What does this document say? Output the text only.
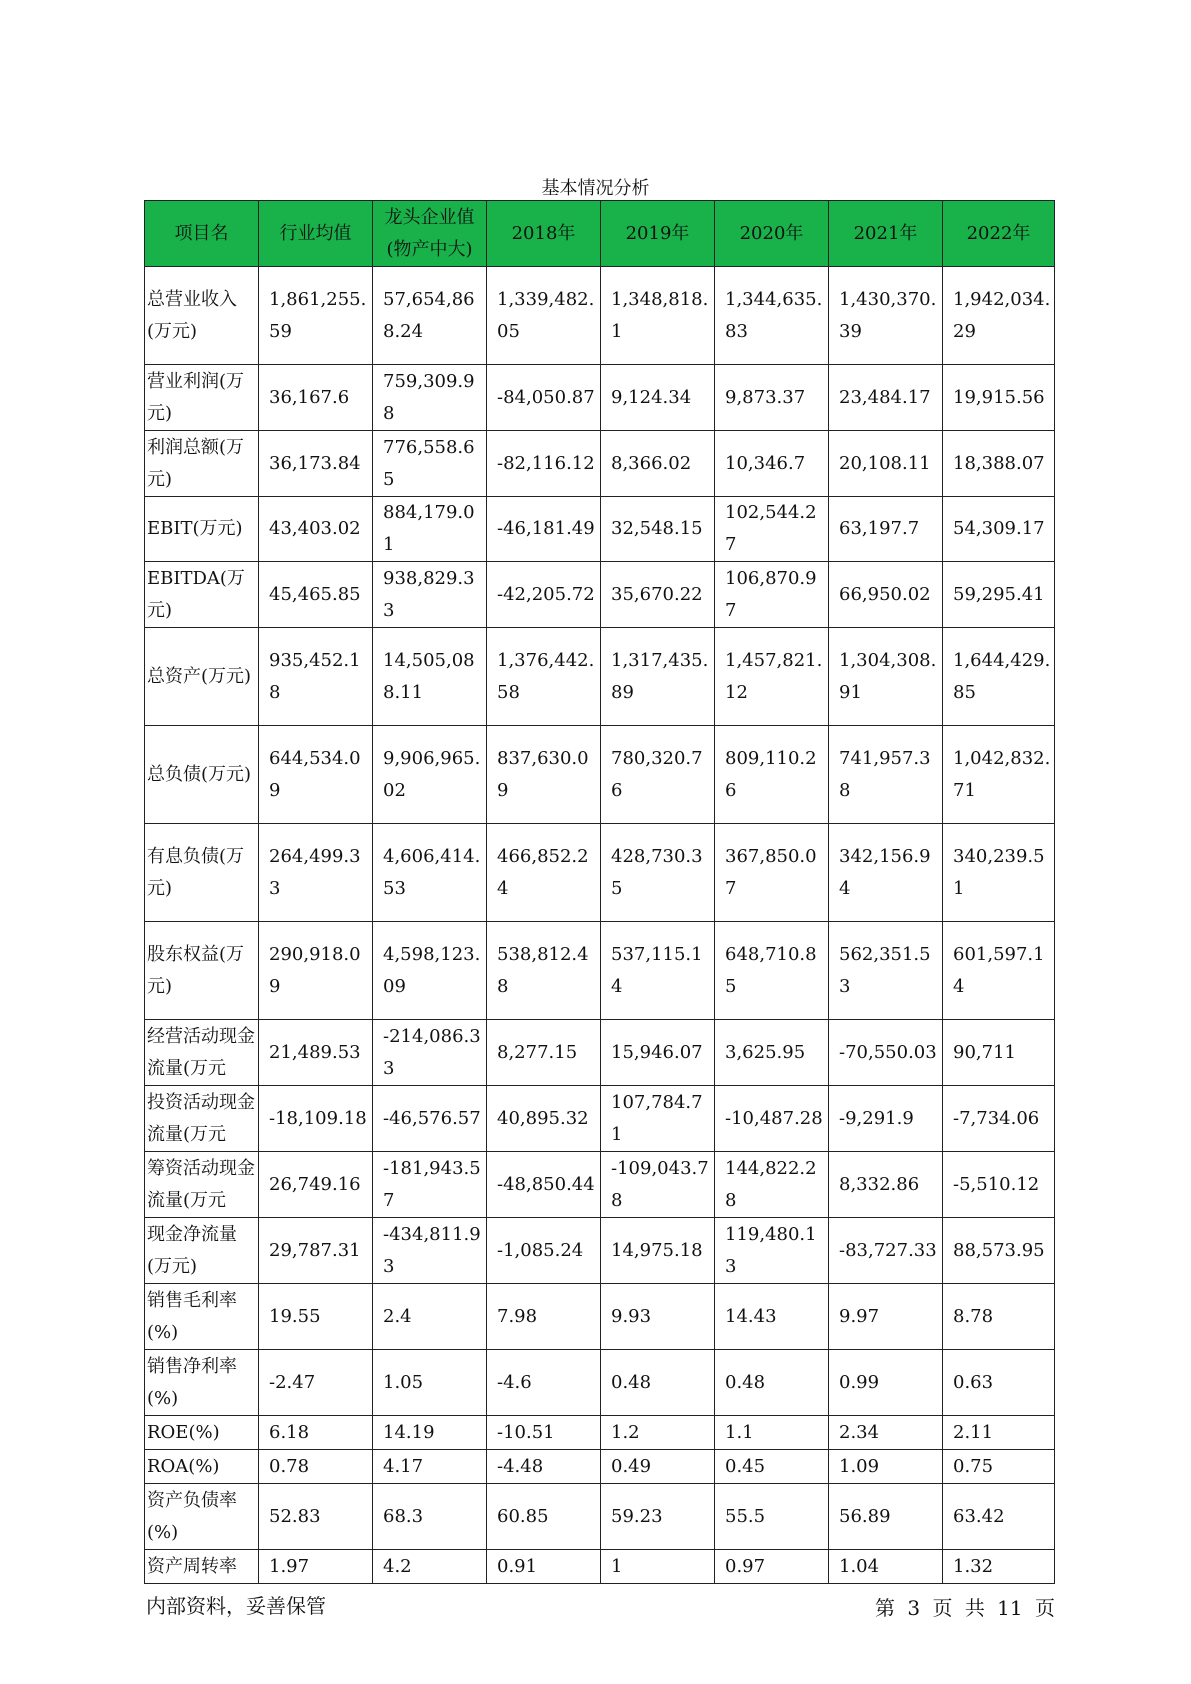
基本情况分析
项目名	行业均值	龙头企业值(物产中大)	2018年	2019年	2020年	2021年	2022年
总营业收入(万元)	1,861,255.59	57,654,868.24	1,339,482.05	1,348,818.1	1,344,635.83	1,430,370.39	1,942,034.29
营业利润(万元)	36,167.6	759,309.98	-84,050.87	9,124.34	9,873.37	23,484.17	19,915.56
利润总额(万元)	36,173.84	776,558.65	-82,116.12	8,366.02	10,346.7	20,108.11	18,388.07
EBIT(万元)	43,403.02	884,179.01	-46,181.49	32,548.15	102,544.27	63,197.7	54,309.17
EBITDA(万元)	45,465.85	938,829.33	-42,205.72	35,670.22	106,870.97	66,950.02	59,295.41
总资产(万元)	935,452.18	14,505,088.11	1,376,442.58	1,317,435.89	1,457,821.12	1,304,308.91	1,644,429.85
总负债(万元)	644,534.09	9,906,965.02	837,630.09	780,320.76	809,110.26	741,957.38	1,042,832.71
有息负债(万元)	264,499.33	4,606,414.53	466,852.24	428,730.35	367,850.07	342,156.94	340,239.51
股东权益(万元)	290,918.09	4,598,123.09	538,812.48	537,115.14	648,710.85	562,351.53	601,597.14
经营活动现金流量(万元	21,489.53	-214,086.33	8,277.15	15,946.07	3,625.95	-70,550.03	90,711
投资活动现金流量(万元	-18,109.18	-46,576.57	40,895.32	107,784.71	-10,487.28	-9,291.9	-7,734.06
筹资活动现金流量(万元	26,749.16	-181,943.57	-48,850.44	-109,043.78	144,822.28	8,332.86	-5,510.12
现金净流量(万元)	29,787.31	-434,811.93	-1,085.24	14,975.18	119,480.13	-83,727.33	88,573.95
销售毛利率(%)	19.55	2.4	7.98	9.93	14.43	9.97	8.78
销售净利率(%)	-2.47	1.05	-4.6	0.48	0.48	0.99	0.63
ROE(%)	6.18	14.19	-10.51	1.2	1.1	2.34	2.11
ROA(%)	0.78	4.17	-4.48	0.49	0.45	1.09	0.75
资产负债率(%)	52.83	68.3	60.85	59.23	55.5	56.89	63.42
资产周转率	1.97	4.2	0.91	1	0.97	1.04	1.32
内部资料，妥善保管	第 3 页 共 11 页
